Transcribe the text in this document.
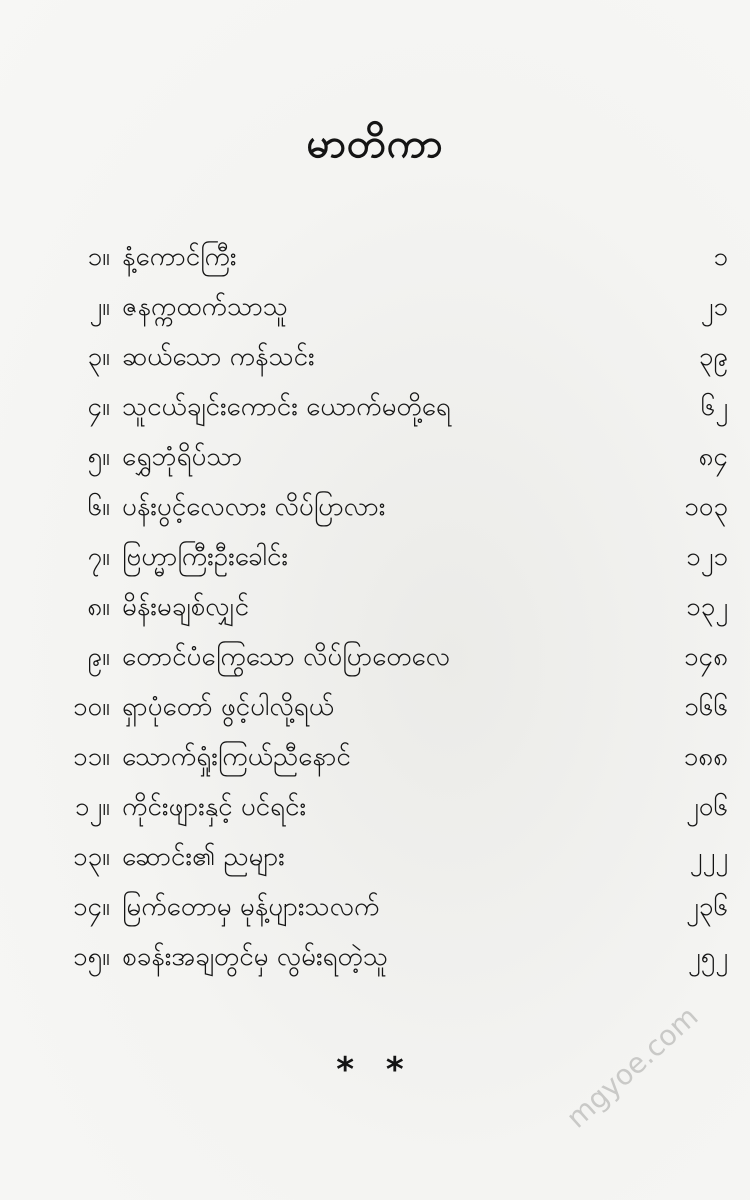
မာတိကာ
၁။ နံ့ကောင်ကြီး	၁
၂။ ဇနက္ကထက်သာသူ	၂၁
၃။ ဆယ်သော ကန်သင်း	၃၉
၄။ သူငယ်ချင်းကောင်း ယောက်မတို့ရေ	၆၂
၅။ ရွှေဘုံရိပ်သာ	၈၄
၆။ ပန်းပွင့်လေလား လိပ်ပြာလား	၁၀၃
၇။ ဗြဟ္မာကြီးဦးခေါင်း	၁၂၁
၈။ မိန်းမချစ်လျှင်	၁၃၂
၉။ တောင်ပံကြွေသော လိပ်ပြာတေလေ	၁၄၈
၁၀။ ရှာပုံတော် ဖွင့်ပါလို့ရယ်	၁၆၆
၁၁။ သောက်ရှုံးကြယ်ညီနောင်	၁၈၈
၁၂။ ကိုင်းဖျားနှင့် ပင်ရင်း	၂၀၆
၁၃။ ဆောင်း၏ ညများ	၂၂၂
၁၄။ မြက်တောမှ မုန့်ပျားသလက်	၂၃၆
၁၅။ စခန်းအချတွင်မှ လွမ်းရတဲ့သူ	၂၅၂
* *	mgyoe.com
